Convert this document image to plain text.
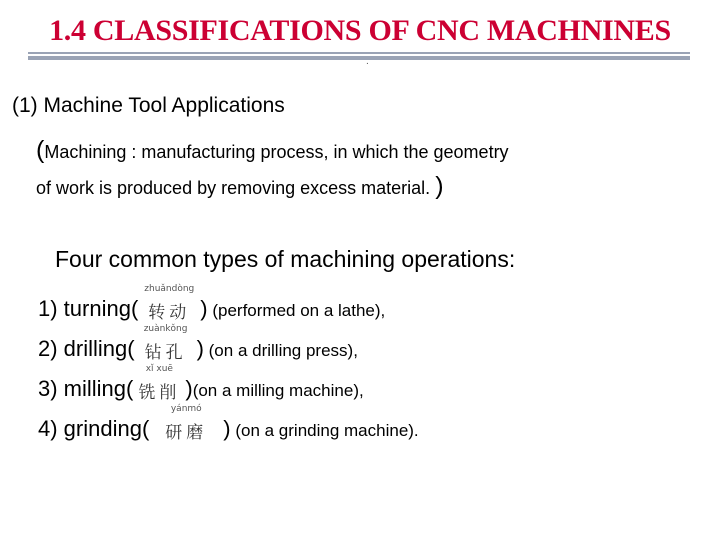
1.4 CLASSIFICATIONS OF CNC MACHNINES
.
(1) Machine Tool Applications
(Machining : manufacturing process, in which the geometry
of work is produced by removing excess material. )
Four common types of machining operations:
1) turning(
zhuǎndòng
转动 ) (performed on a lathe),
2) drilling(
zuànkǒng
钻孔 ) (on a drilling press),
3) milling(
xǐ xuē
铣削 )(on a milling machine),
4) grinding(
yánmó
研磨 ) (on a grinding machine).
